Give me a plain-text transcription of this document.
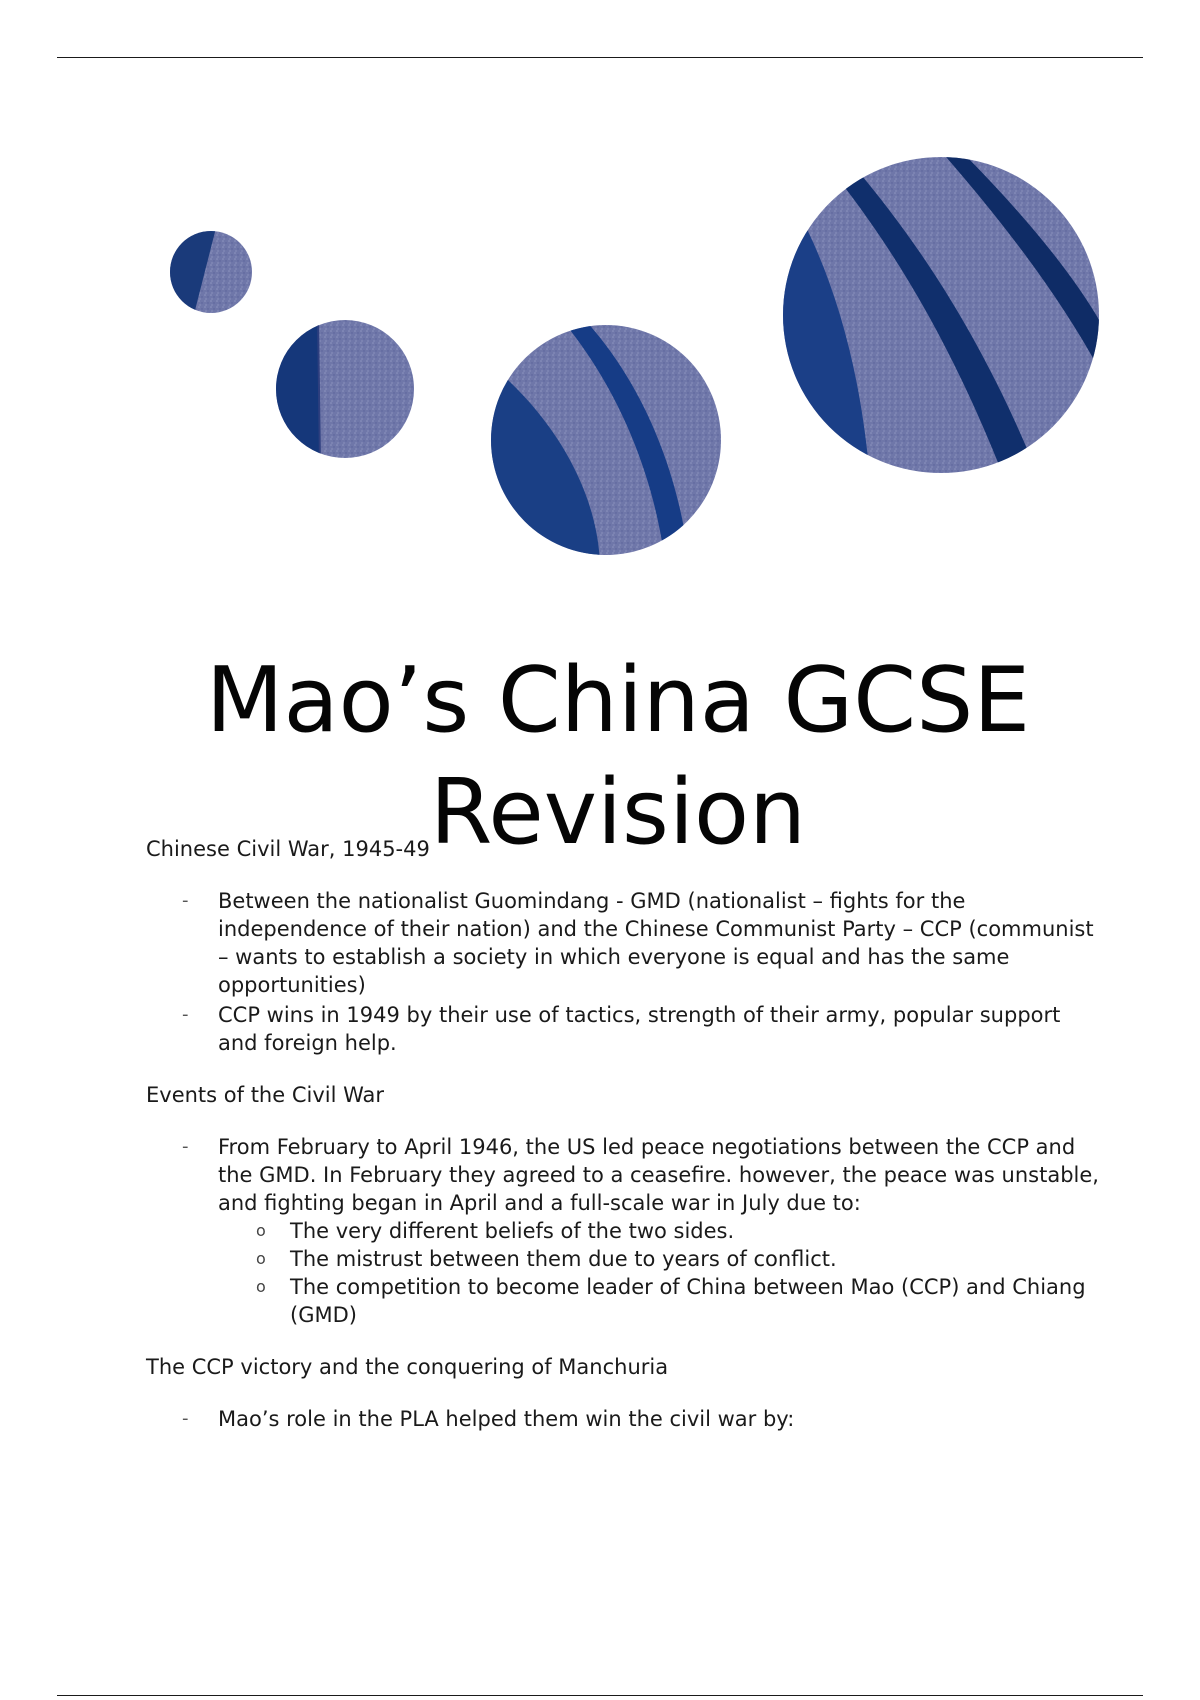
Mao’s China GCSE
Revision

Chinese Civil War, 1945-49

- Between the nationalist Guomindang - GMD (nationalist – fights for the independence of their nation) and the Chinese Communist Party – CCP (communist – wants to establish a society in which everyone is equal and has the same opportunities)
- CCP wins in 1949 by their use of tactics, strength of their army, popular support and foreign help.

Events of the Civil War

- From February to April 1946, the US led peace negotiations between the CCP and the GMD. In February they agreed to a ceasefire. however, the peace was unstable, and fighting began in April and a full-scale war in July due to:
o The very different beliefs of the two sides.
o The mistrust between them due to years of conflict.
o The competition to become leader of China between Mao (CCP) and Chiang (GMD)

The CCP victory and the conquering of Manchuria

- Mao’s role in the PLA helped them win the civil war by:
